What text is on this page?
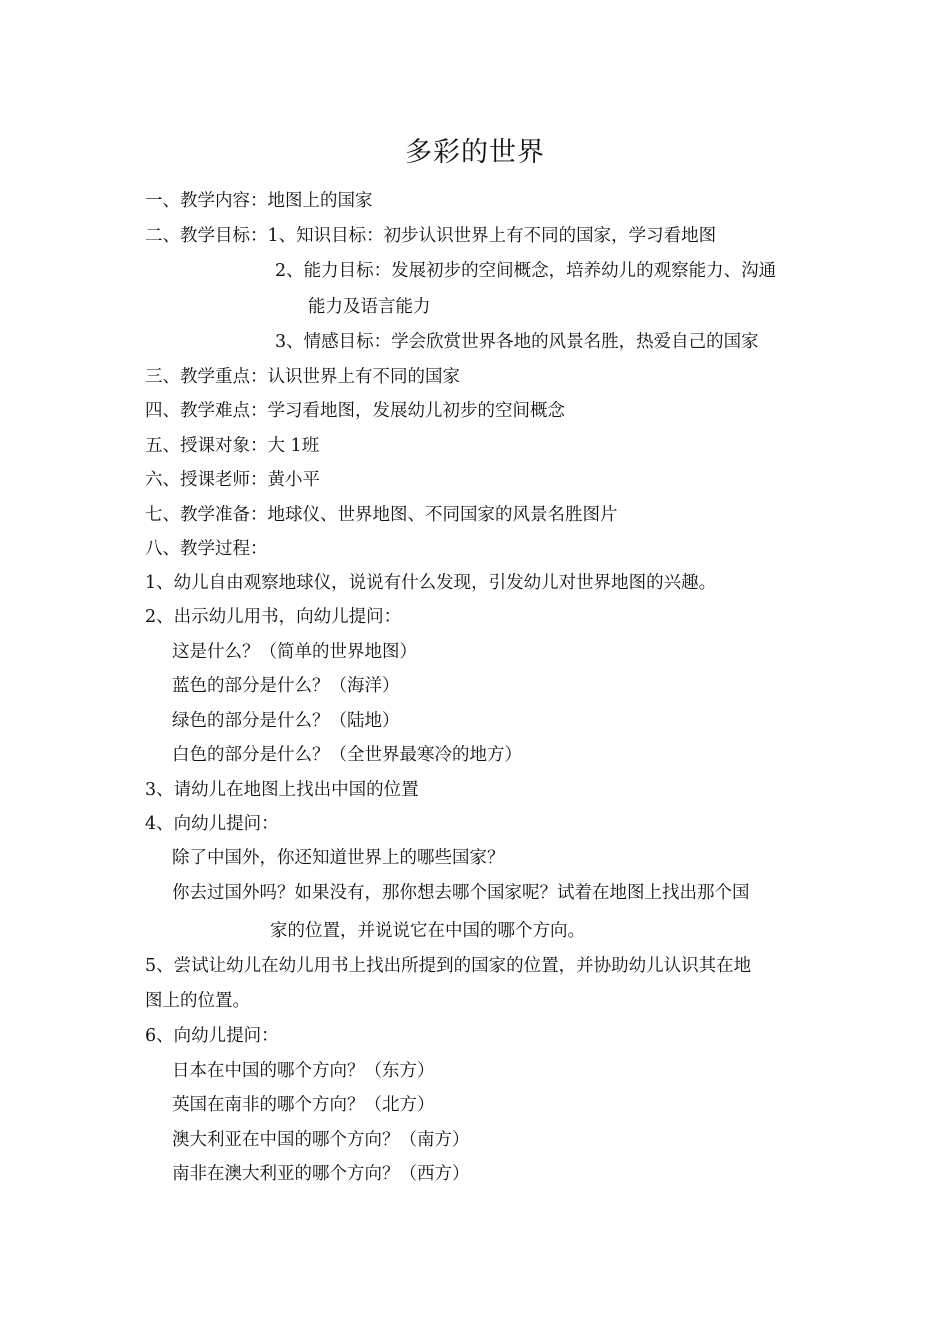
多彩的世界
一、教学内容：地图上的国家
二、教学目标：1、知识目标：初步认识世界上有不同的国家，学习看地图
2、能力目标：发展初步的空间概念，培养幼儿的观察能力、沟通
能力及语言能力
3、情感目标：学会欣赏世界各地的风景名胜，热爱自己的国家
三、教学重点：认识世界上有不同的国家
四、教学难点：学习看地图，发展幼儿初步的空间概念
五、授课对象：大 1班
六、授课老师：黄小平
七、教学准备：地球仪、世界地图、不同国家的风景名胜图片
八、教学过程：
1、幼儿自由观察地球仪，说说有什么发现，引发幼儿对世界地图的兴趣。
2、出示幼儿用书，向幼儿提问：
这是什么？（简单的世界地图）
蓝色的部分是什么？（海洋）
绿色的部分是什么？（陆地）
白色的部分是什么？（全世界最寒冷的地方）
3、请幼儿在地图上找出中国的位置
4、向幼儿提问：
除了中国外，你还知道世界上的哪些国家？
你去过国外吗？如果没有，那你想去哪个国家呢？试着在地图上找出那个国
家的位置，并说说它在中国的哪个方向。
5、尝试让幼儿在幼儿用书上找出所提到的国家的位置，并协助幼儿认识其在地
图上的位置。
6、向幼儿提问：
日本在中国的哪个方向？（东方）
英国在南非的哪个方向？（北方）
澳大利亚在中国的哪个方向？（南方）
南非在澳大利亚的哪个方向？（西方）
